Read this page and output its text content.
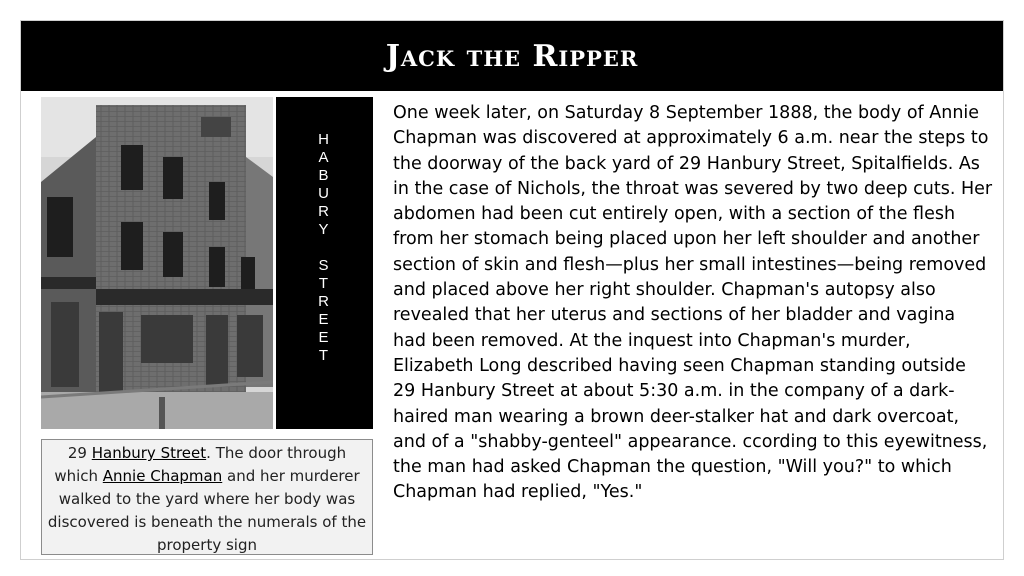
Jack the Ripper
H
A
B
U
R
Y
S
T
R
E
E
T
29 Hanbury Street. The door through which Annie Chapman and her murderer walked to the yard where her body was discovered is beneath the numerals of the property sign
One week later, on Saturday 8 September 1888, the body of Annie Chapman was discovered at approximately 6 a.m. near the steps to the doorway of the back yard of 29 Hanbury Street, Spitalfields. As in the case of Nichols, the throat was severed by two deep cuts. Her abdomen had been cut entirely open, with a section of the flesh from her stomach being placed upon her left shoulder and another section of skin and flesh—plus her small intestines—being removed and placed above her right shoulder. Chapman's autopsy also revealed that her uterus and sections of her bladder and vagina had been removed. At the inquest into Chapman's murder, Elizabeth Long described having seen Chapman standing outside 29 Hanbury Street at about 5:30 a.m. in the company of a dark-haired man wearing a brown deer-stalker hat and dark overcoat, and of a "shabby-genteel" appearance. ccording to this eyewitness, the man had asked Chapman the question, "Will you?" to which Chapman had replied, "Yes."
